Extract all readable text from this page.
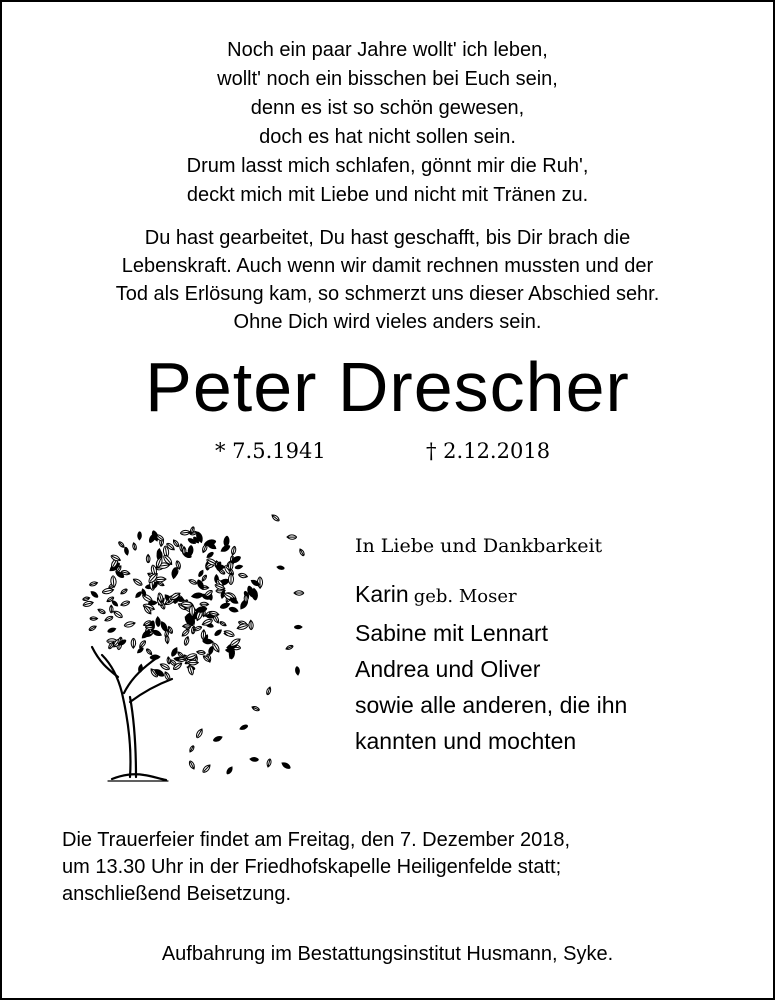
Noch ein paar Jahre wollt' ich leben,
wollt' noch ein bisschen bei Euch sein,
denn es ist so schön gewesen,
doch es hat nicht sollen sein.
Drum lasst mich schlafen, gönnt mir die Ruh',
deckt mich mit Liebe und nicht mit Tränen zu.
Du hast gearbeitet, Du hast geschafft, bis Dir brach die
Lebenskraft. Auch wenn wir damit rechnen mussten und der
Tod als Erlösung kam, so schmerzt uns dieser Abschied sehr.
Ohne Dich wird vieles anders sein.
Peter Drescher
* 7.5.1941	† 2.12.2018
In Liebe und Dankbarkeit
Karin geb. Moser
Sabine mit Lennart
Andrea und Oliver
sowie alle anderen, die ihn
kannten und mochten
Die Trauerfeier findet am Freitag, den 7. Dezember 2018,
um 13.30 Uhr in der Friedhofskapelle Heiligenfelde statt;
anschließend Beisetzung.
Aufbahrung im Bestattungsinstitut Husmann, Syke.
